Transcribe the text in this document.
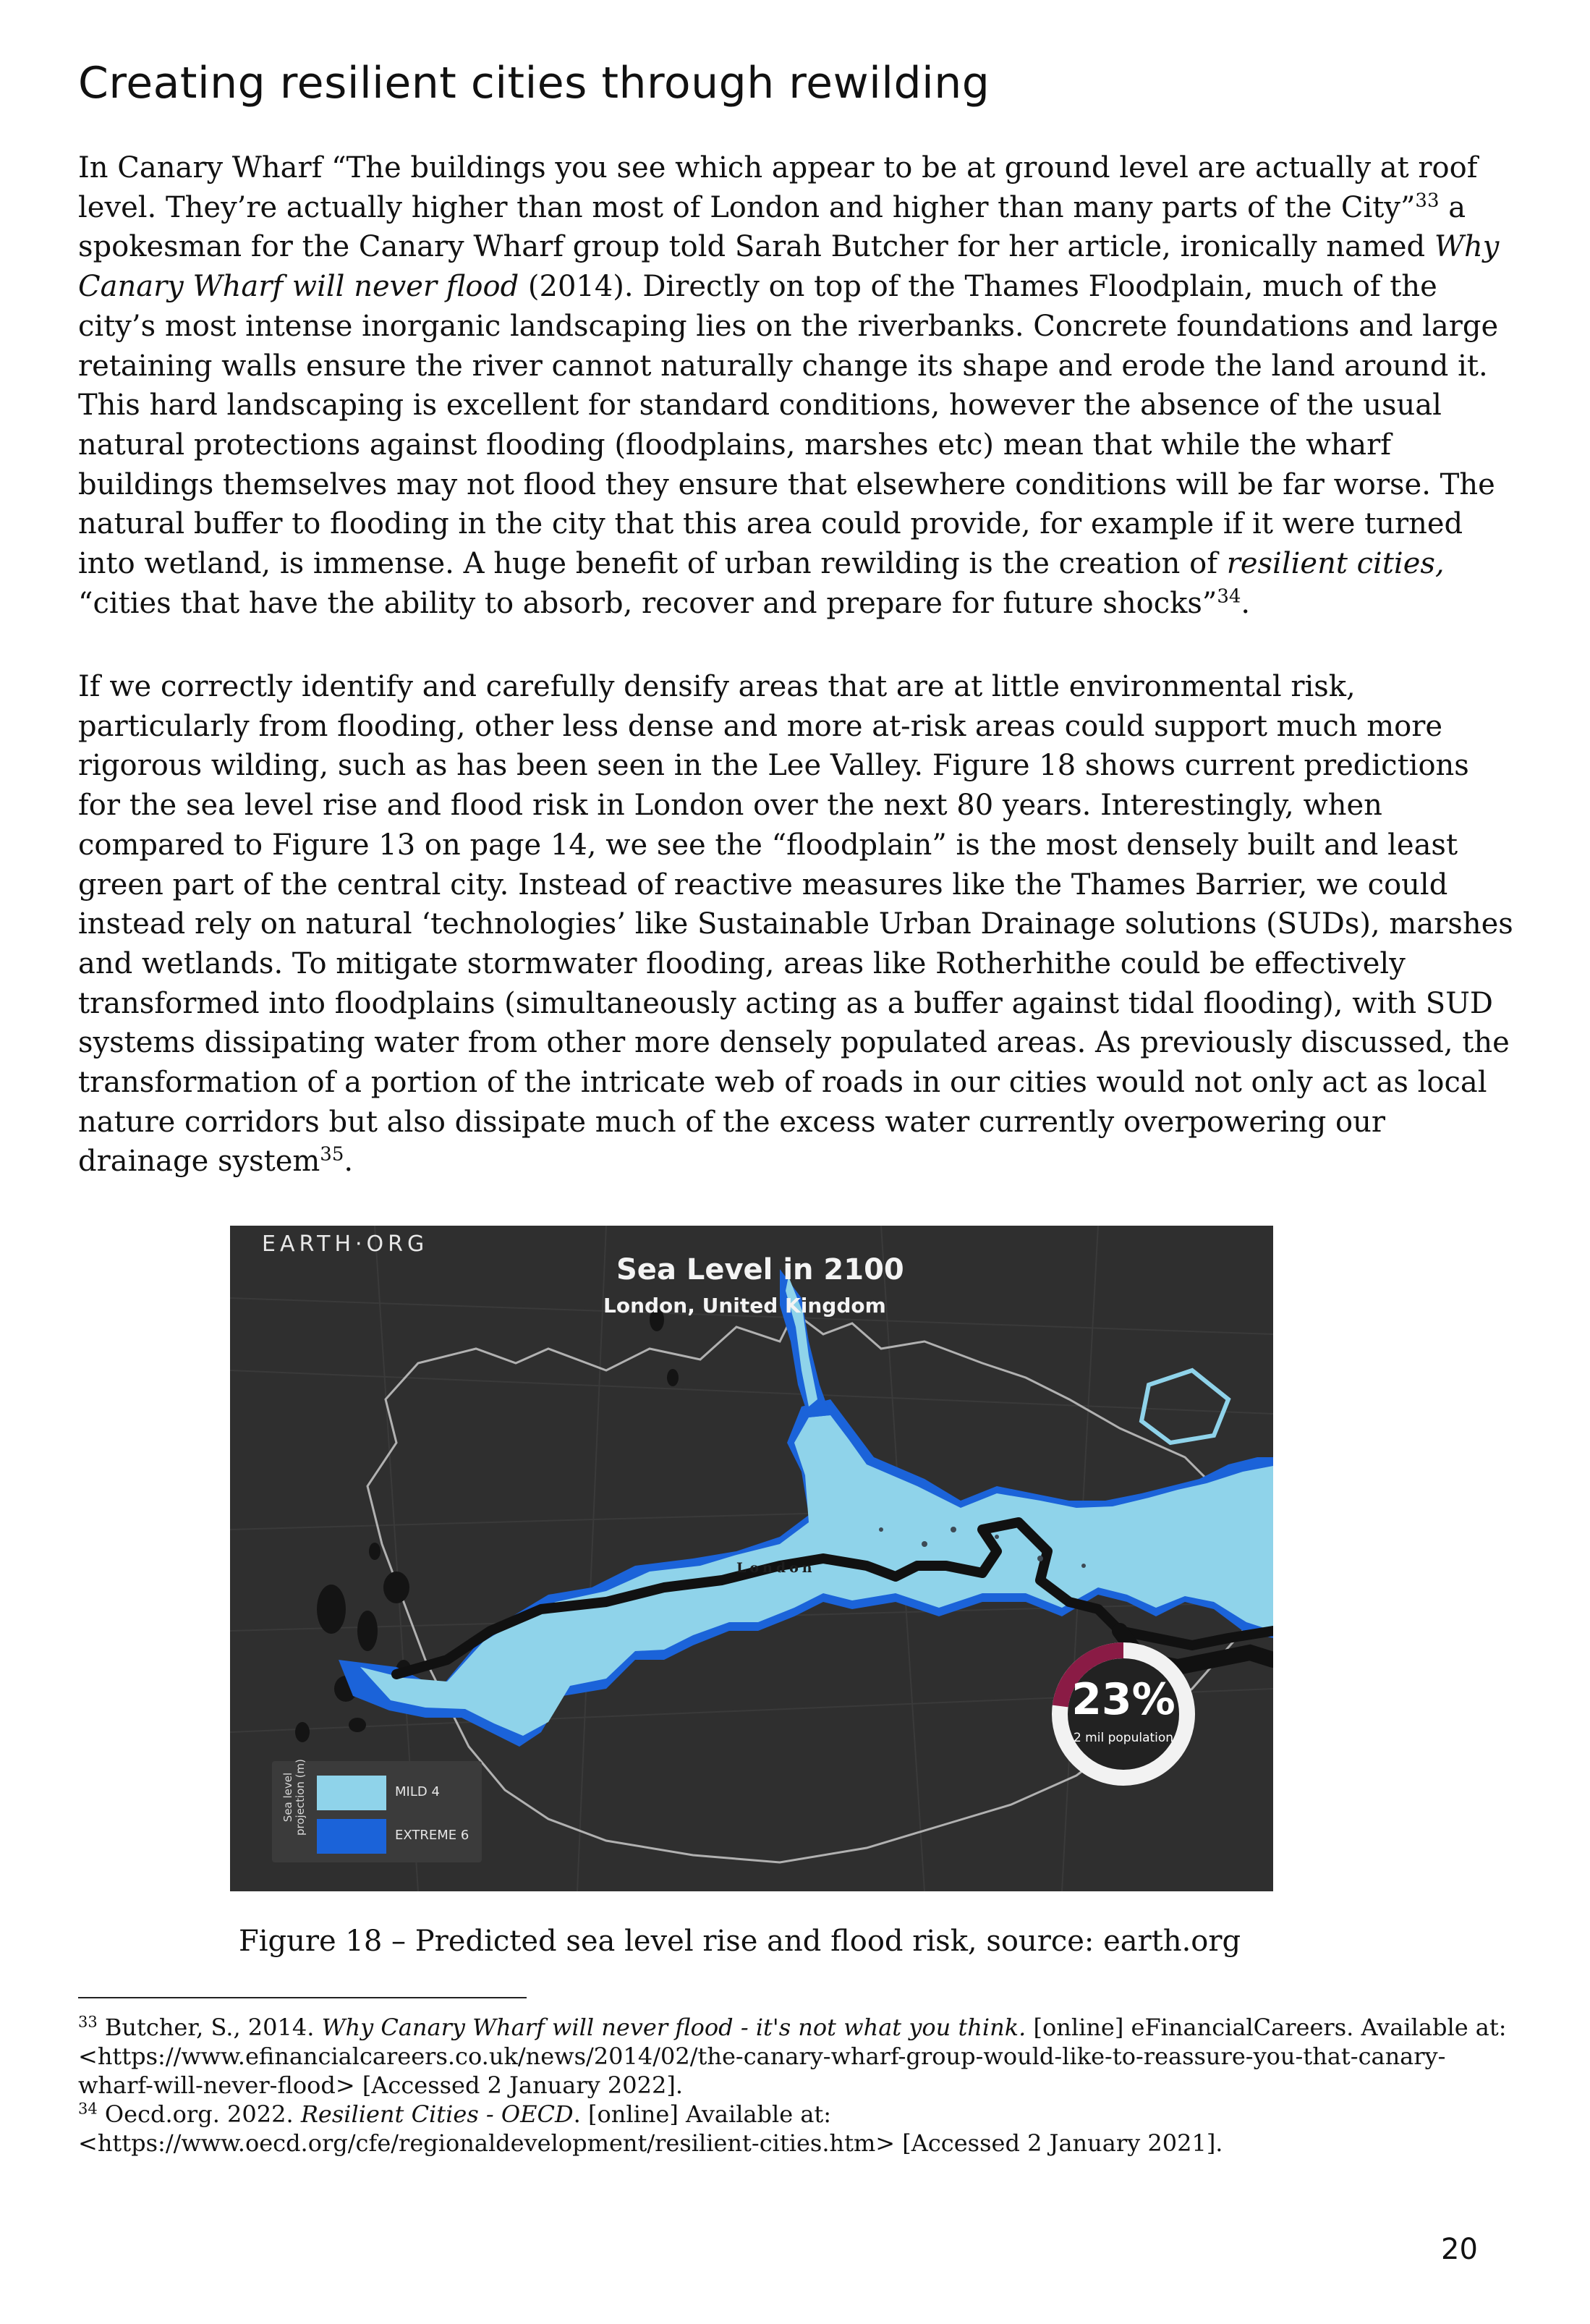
Creating resilient cities through rewilding

In Canary Wharf “The buildings you see which appear to be at ground level are actually at roof level. They’re actually higher than most of London and higher than many parts of the City”$^{33}$ a spokesman for the Canary Wharf group told Sarah Butcher for her article, ironically named Why Canary Wharf will never flood (2014). Directly on top of the Thames Floodplain, much of the city’s most intense inorganic landscaping lies on the riverbanks. Concrete foundations and large retaining walls ensure the river cannot naturally change its shape and erode the land around it. This hard landscaping is excellent for standard conditions, however the absence of the usual natural protections against flooding (floodplains, marshes etc) mean that while the wharf buildings themselves may not flood they ensure that elsewhere conditions will be far worse. The natural buffer to flooding in the city that this area could provide, for example if it were turned into wetland, is immense. A huge benefit of urban rewilding is the creation of resilient cities, “cities that have the ability to absorb, recover and prepare for future shocks”$^{34}$.

If we correctly identify and carefully densify areas that are at little environmental risk, particularly from flooding, other less dense and more at-risk areas could support much more rigorous wilding, such as has been seen in the Lee Valley. Figure 18 shows current predictions for the sea level rise and flood risk in London over the next 80 years. Interestingly, when compared to Figure 13 on page 14, we see the “floodplain” is the most densely built and least green part of the central city. Instead of reactive measures like the Thames Barrier, we could instead rely on natural ‘technologies’ like Sustainable Urban Drainage solutions (SUDs), marshes and wetlands. To mitigate stormwater flooding, areas like Rotherhithe could be effectively transformed into floodplains (simultaneously acting as a buffer against tidal flooding), with SUD systems dissipating water from other more densely populated areas. As previously discussed, the transformation of a portion of the intricate web of roads in our cities would not only act as local nature corridors but also dissipate much of the excess water currently overpowering our drainage system$^{35}$.

EARTH·ORG
Sea Level in 2100
London, United Kingdom
London
Sea level projection (m)	MILD 4
EXTREME 6
23%
2 mil population
Figure 18 – Predicted sea level rise and flood risk, source: earth.org

$^{33}$ Butcher, S., 2014. Why Canary Wharf will never flood - it's not what you think. [online] eFinancialCareers. Available at: <https://www.efinancialcareers.co.uk/news/2014/02/the-canary-wharf-group-would-like-to-reassure-you-that-canary-wharf-will-never-flood> [Accessed 2 January 2022].

$^{34}$ Oecd.org. 2022. Resilient Cities - OECD. [online] Available at: <https://www.oecd.org/cfe/regionaldevelopment/resilient-cities.htm> [Accessed 2 January 2021].

20
